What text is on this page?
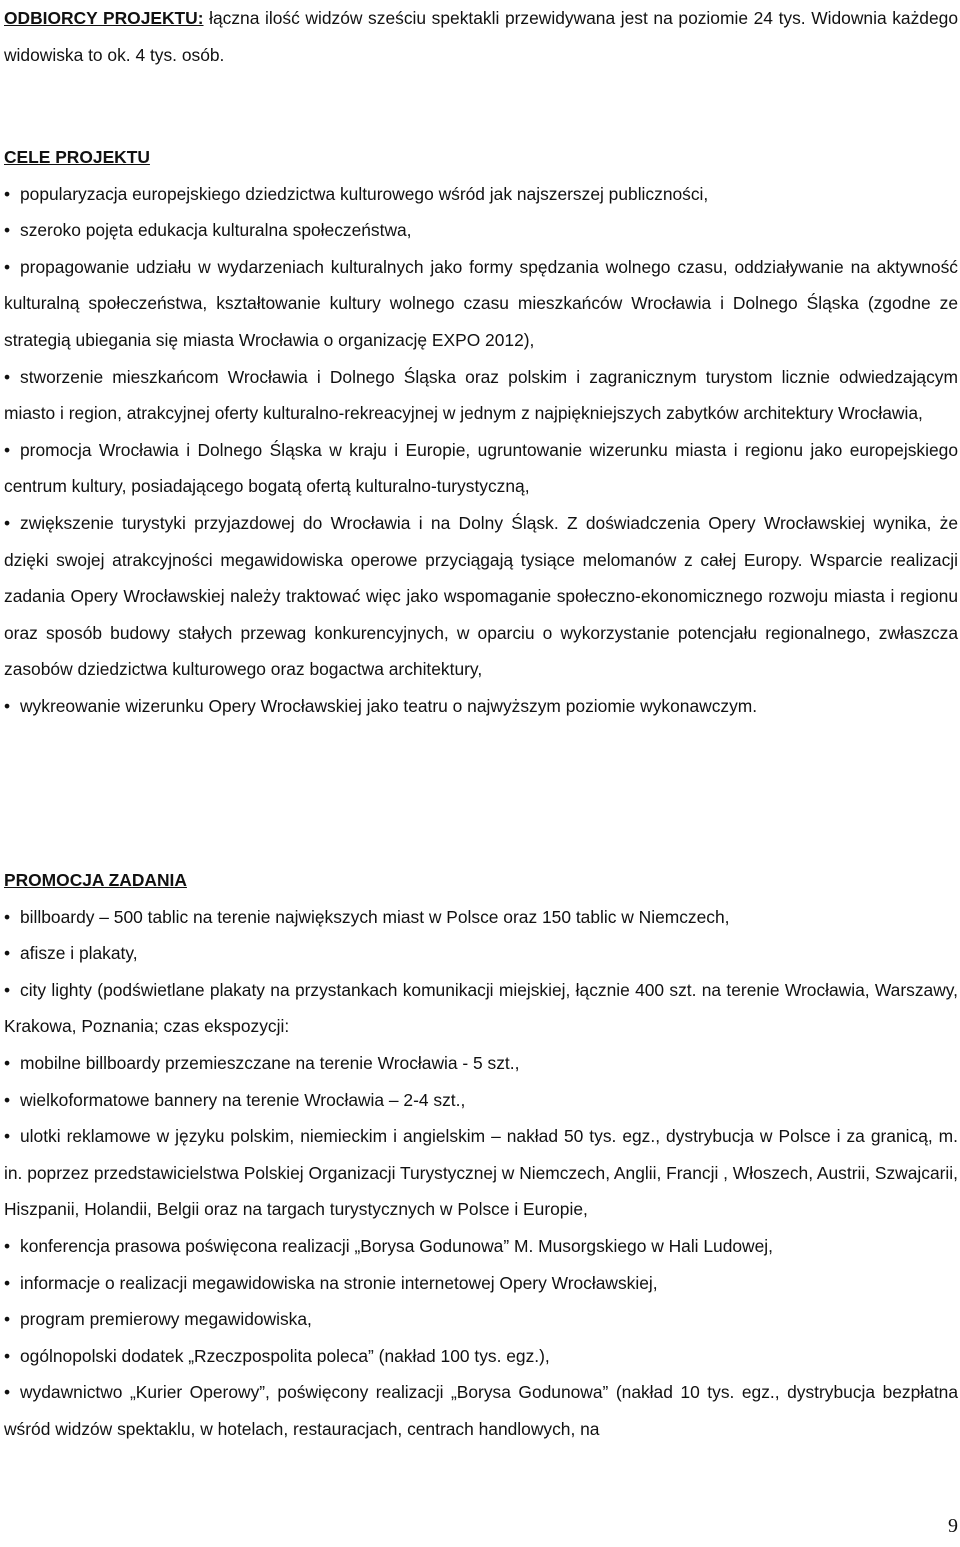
ODBIORCY PROJEKTU: łączna ilość widzów sześciu spektakli przewidywana jest na poziomie 24 tys. Widownia każdego widowiska to ok. 4 tys. osób.

CELE PROJEKTU

• popularyzacja europejskiego dziedzictwa kulturowego wśród jak najszerszej publiczności,

• szeroko pojęta edukacja kulturalna społeczeństwa,

• propagowanie udziału w wydarzeniach kulturalnych jako formy spędzania wolnego czasu, oddziaływanie na aktywność kulturalną społeczeństwa, kształtowanie kultury wolnego czasu mieszkańców Wrocławia i Dolnego Śląska (zgodne ze strategią ubiegania się miasta Wrocławia o organizację EXPO 2012),

• stworzenie mieszkańcom Wrocławia i Dolnego Śląska oraz polskim i zagranicznym turystom licznie odwiedzającym miasto i region, atrakcyjnej oferty kulturalno-rekreacyjnej w jednym z najpiękniejszych zabytków architektury Wrocławia,

• promocja Wrocławia i Dolnego Śląska w kraju i Europie, ugruntowanie wizerunku miasta i regionu jako europejskiego centrum kultury, posiadającego bogatą ofertą kulturalno-turystyczną,

• zwiększenie turystyki przyjazdowej do Wrocławia i na Dolny Śląsk. Z doświadczenia Opery Wrocławskiej wynika, że dzięki swojej atrakcyjności megawidowiska operowe przyciągają tysiące melomanów z całej Europy. Wsparcie realizacji zadania Opery Wrocławskiej należy traktować więc jako wspomaganie społeczno-ekonomicznego rozwoju miasta i regionu oraz sposób budowy stałych przewag konkurencyjnych, w oparciu o wykorzystanie potencjału regionalnego, zwłaszcza zasobów dziedzictwa kulturowego oraz bogactwa architektury,

• wykreowanie wizerunku Opery Wrocławskiej jako teatru o najwyższym poziomie wykonawczym.

PROMOCJA ZADANIA

• billboardy – 500 tablic na terenie największych miast w Polsce oraz 150 tablic w Niemczech,

• afisze i plakaty,

• city lighty (podświetlane plakaty na przystankach komunikacji miejskiej, łącznie 400 szt. na terenie Wrocławia, Warszawy, Krakowa, Poznania; czas ekspozycji:

• mobilne billboardy przemieszczane na terenie Wrocławia - 5 szt.,

• wielkoformatowe bannery na terenie Wrocławia – 2-4 szt.,

• ulotki reklamowe w języku polskim, niemieckim i angielskim – nakład 50 tys. egz., dystrybucja w Polsce i za granicą, m. in. poprzez przedstawicielstwa Polskiej Organizacji Turystycznej w Niemczech, Anglii, Francji , Włoszech, Austrii, Szwajcarii, Hiszpanii, Holandii, Belgii oraz na targach turystycznych w Polsce i Europie,

• konferencja prasowa poświęcona realizacji „Borysa Godunowa” M. Musorgskiego w Hali Ludowej,

• informacje o realizacji megawidowiska na stronie internetowej Opery Wrocławskiej,

• program premierowy megawidowiska,

• ogólnopolski dodatek „Rzeczpospolita poleca” (nakład 100 tys. egz.),

• wydawnictwo „Kurier Operowy”, poświęcony realizacji „Borysa Godunowa” (nakład 10 tys. egz., dystrybucja bezpłatna wśród widzów spektaklu, w hotelach, restauracjach, centrach handlowych, na

9
